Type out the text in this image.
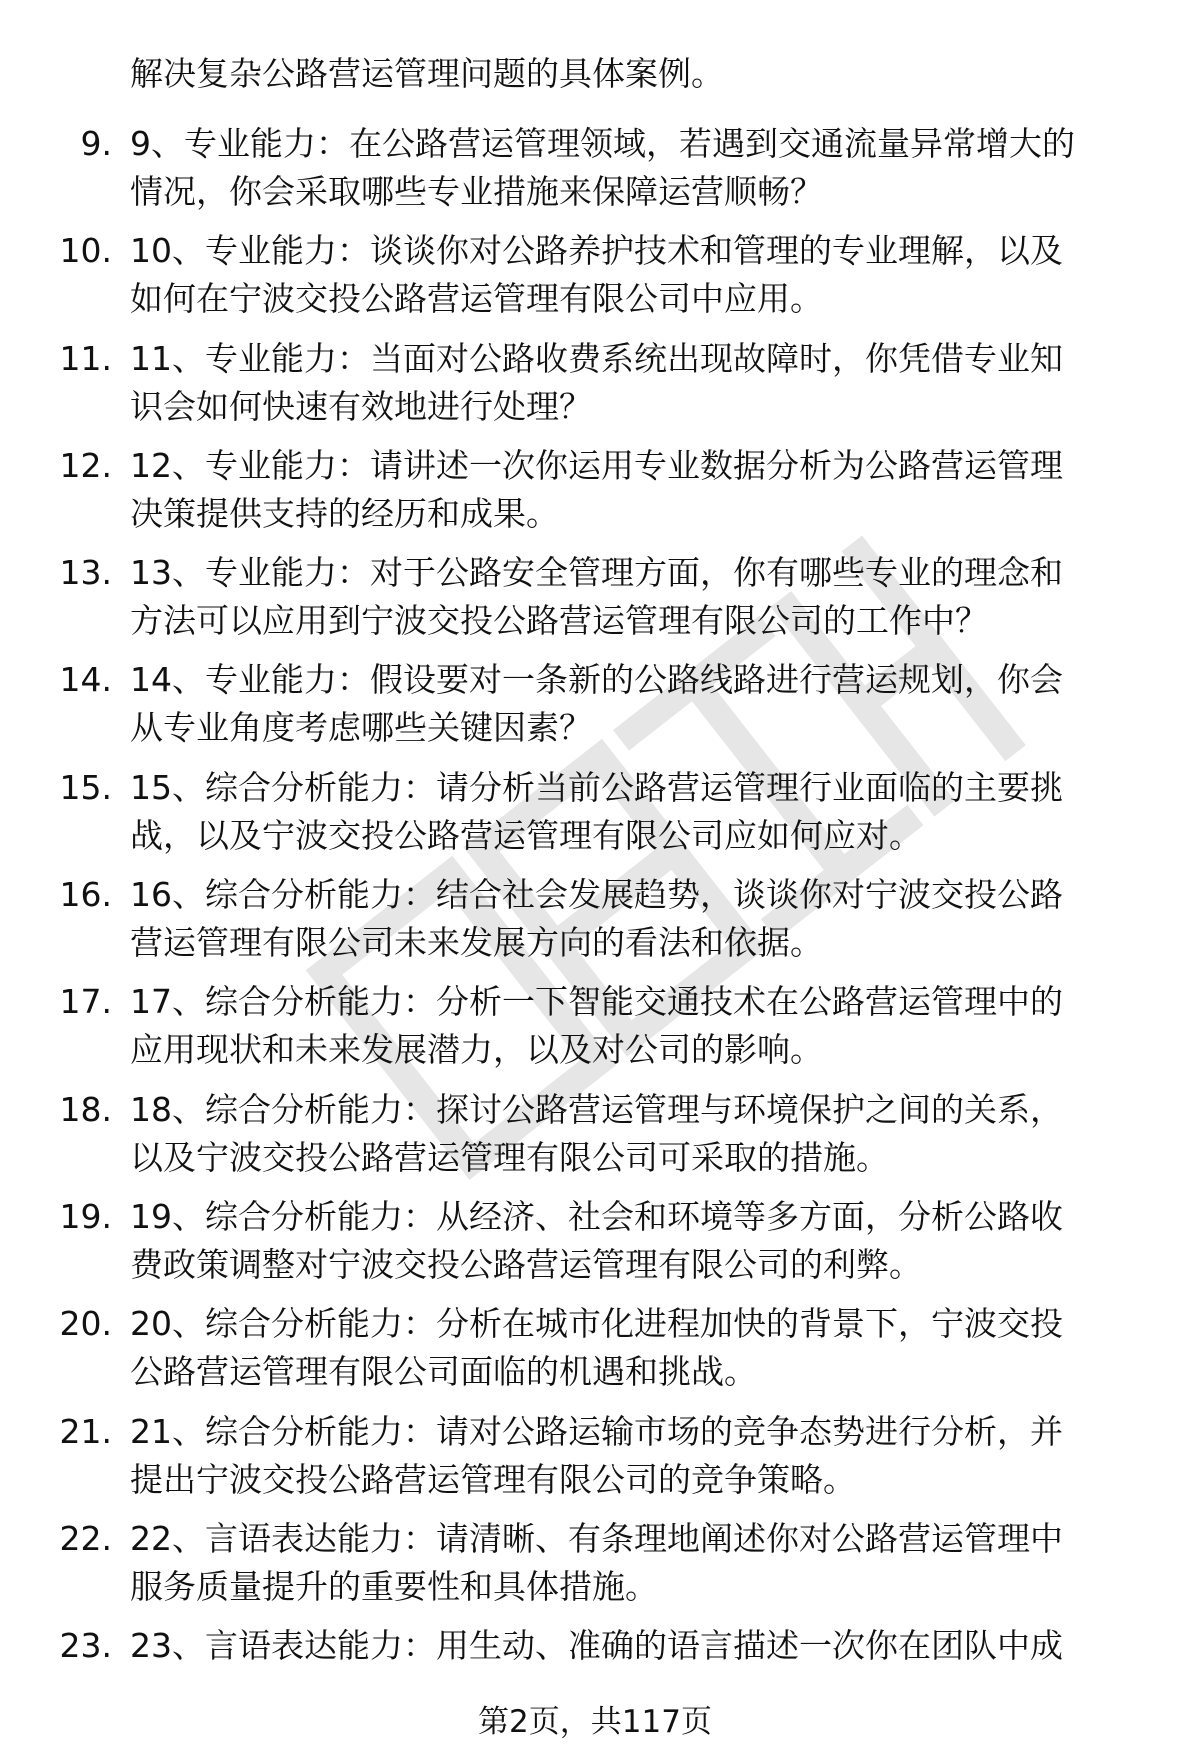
解决复杂公路营运管理问题的具体案例。
9. 9、专业能力：在公路营运管理领域，若遇到交通流量异常增大的
情况，你会采取哪些专业措施来保障运营顺畅？
10. 10、专业能力：谈谈你对公路养护技术和管理的专业理解，以及
如何在宁波交投公路营运管理有限公司中应用。
11. 11、专业能力：当面对公路收费系统出现故障时，你凭借专业知
识会如何快速有效地进行处理？
12. 12、专业能力：请讲述一次你运用专业数据分析为公路营运管理
决策提供支持的经历和成果。
13. 13、专业能力：对于公路安全管理方面，你有哪些专业的理念和
方法可以应用到宁波交投公路营运管理有限公司的工作中？
14. 14、专业能力：假设要对一条新的公路线路进行营运规划，你会
从专业角度考虑哪些关键因素？
15. 15、综合分析能力：请分析当前公路营运管理行业面临的主要挑
战，以及宁波交投公路营运管理有限公司应如何应对。
16. 16、综合分析能力：结合社会发展趋势，谈谈你对宁波交投公路
营运管理有限公司未来发展方向的看法和依据。
17. 17、综合分析能力：分析一下智能交通技术在公路营运管理中的
应用现状和未来发展潜力，以及对公司的影响。
18. 18、综合分析能力：探讨公路营运管理与环境保护之间的关系，
以及宁波交投公路营运管理有限公司可采取的措施。
19. 19、综合分析能力：从经济、社会和环境等多方面，分析公路收
费政策调整对宁波交投公路营运管理有限公司的利弊。
20. 20、综合分析能力：分析在城市化进程加快的背景下，宁波交投
公路营运管理有限公司面临的机遇和挑战。
21. 21、综合分析能力：请对公路运输市场的竞争态势进行分析，并
提出宁波交投公路营运管理有限公司的竞争策略。
22. 22、言语表达能力：请清晰、有条理地阐述你对公路营运管理中
服务质量提升的重要性和具体措施。
23. 23、言语表达能力：用生动、准确的语言描述一次你在团队中成
第2页，共117页
